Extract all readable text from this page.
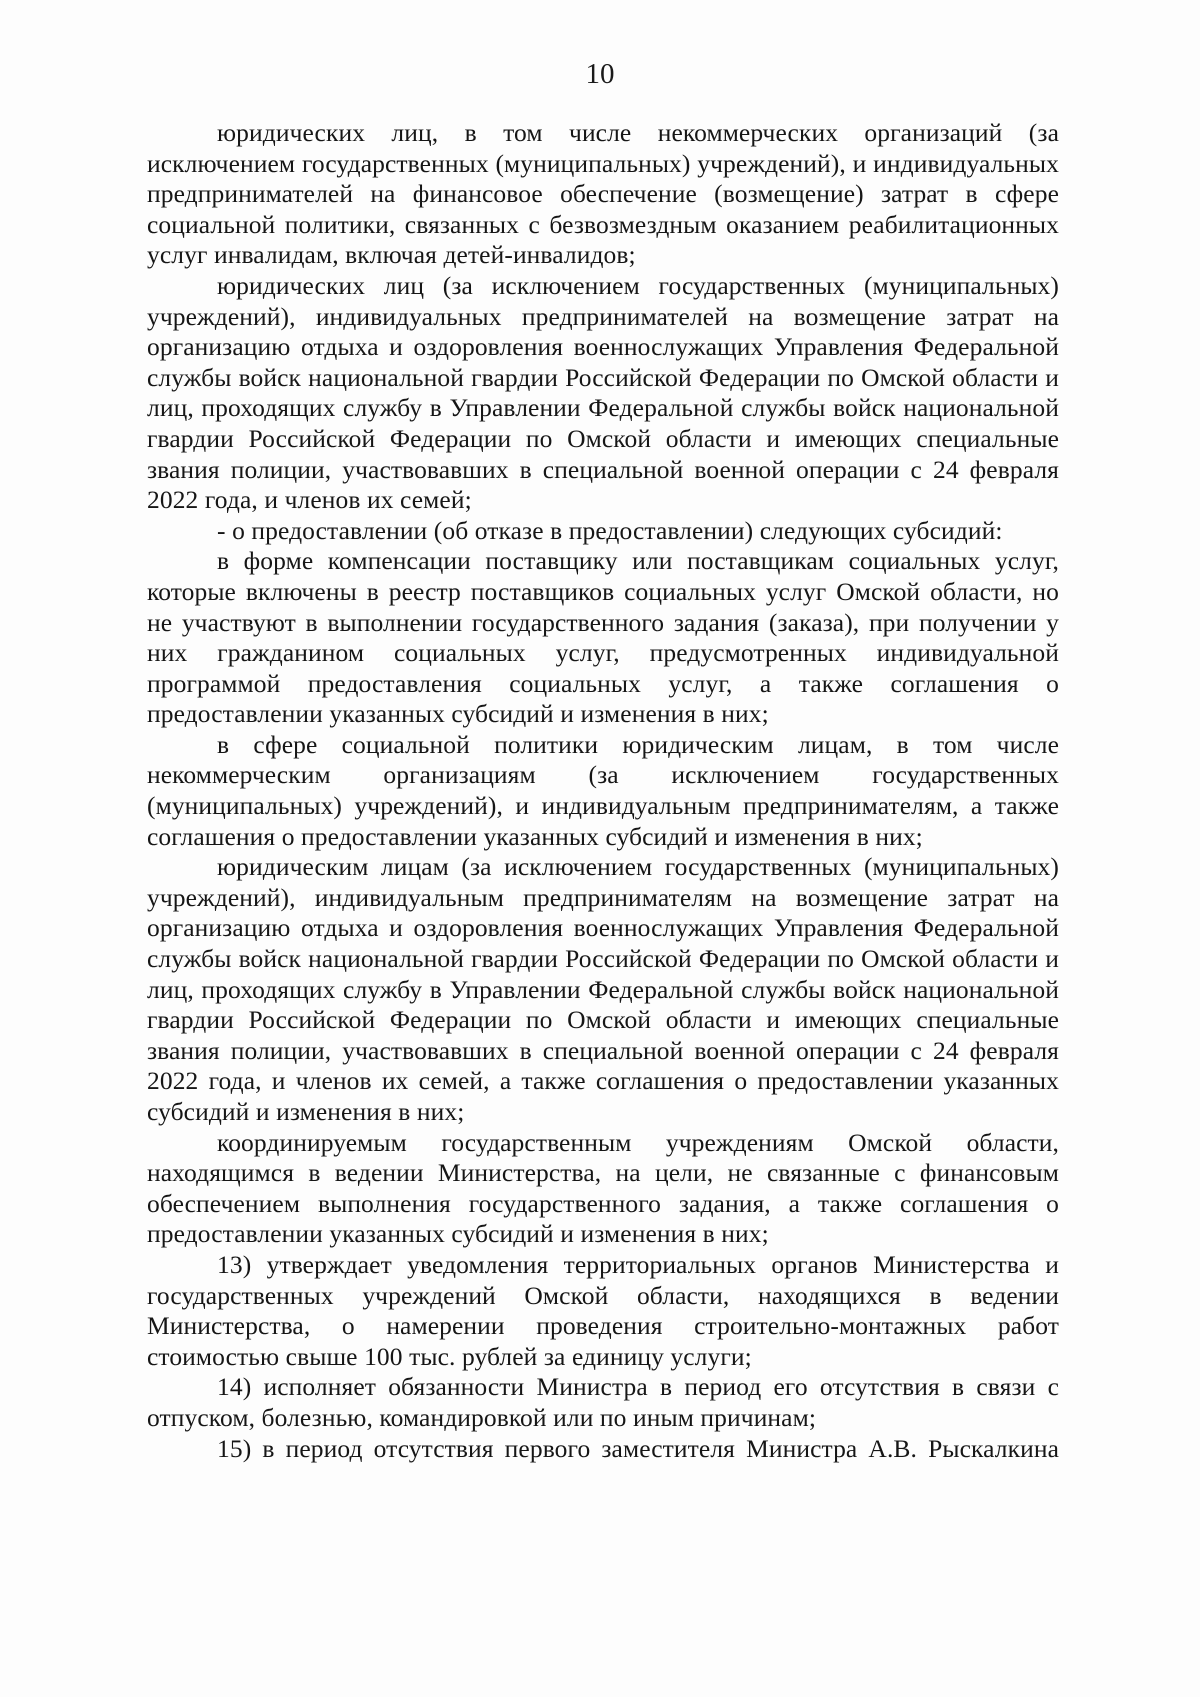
10

юридических лиц, в том числе некоммерческих организаций (за исключением государственных (муниципальных) учреждений), и индивидуальных предпринимателей на финансовое обеспечение (возмещение) затрат в сфере социальной политики, связанных с безвозмездным оказанием реабилитационных услуг инвалидам, включая детей-инвалидов;

юридических лиц (за исключением государственных (муниципальных) учреждений), индивидуальных предпринимателей на возмещение затрат на организацию отдыха и оздоровления военнослужащих Управления Федеральной службы войск национальной гвардии Российской Федерации по Омской области и лиц, проходящих службу в Управлении Федеральной службы войск национальной гвардии Российской Федерации по Омской области и имеющих специальные звания полиции, участвовавших в специальной военной операции с 24 февраля 2022 года, и членов их семей;

- о предоставлении (об отказе в предоставлении) следующих субсидий:

в форме компенсации поставщику или поставщикам социальных услуг, которые включены в реестр поставщиков социальных услуг Омской области, но не участвуют в выполнении государственного задания (заказа), при получении у них гражданином социальных услуг, предусмотренных индивидуальной программой предоставления социальных услуг, а также соглашения о предоставлении указанных субсидий и изменения в них;

в сфере социальной политики юридическим лицам, в том числе некоммерческим организациям (за исключением государственных (муниципальных) учреждений), и индивидуальным предпринимателям, а также соглашения о предоставлении указанных субсидий и изменения в них;

юридическим лицам (за исключением государственных (муниципальных) учреждений), индивидуальным предпринимателям на возмещение затрат на организацию отдыха и оздоровления военнослужащих Управления Федеральной службы войск национальной гвардии Российской Федерации по Омской области и лиц, проходящих службу в Управлении Федеральной службы войск национальной гвардии Российской Федерации по Омской области и имеющих специальные звания полиции, участвовавших в специальной военной операции с 24 февраля 2022 года, и членов их семей, а также соглашения о предоставлении указанных субсидий и изменения в них;

координируемым государственным учреждениям Омской области, находящимся в ведении Министерства, на цели, не связанные с финансовым обеспечением выполнения государственного задания, а также соглашения о предоставлении указанных субсидий и изменения в них;

13) утверждает уведомления территориальных органов Министерства и государственных учреждений Омской области, находящихся в ведении Министерства, о намерении проведения строительно-монтажных работ стоимостью свыше 100 тыс. рублей за единицу услуги;

14) исполняет обязанности Министра в период его отсутствия в связи с отпуском, болезнью, командировкой или по иным причинам;

15) в период отсутствия первого заместителя Министра А.В. Рыскалкина
